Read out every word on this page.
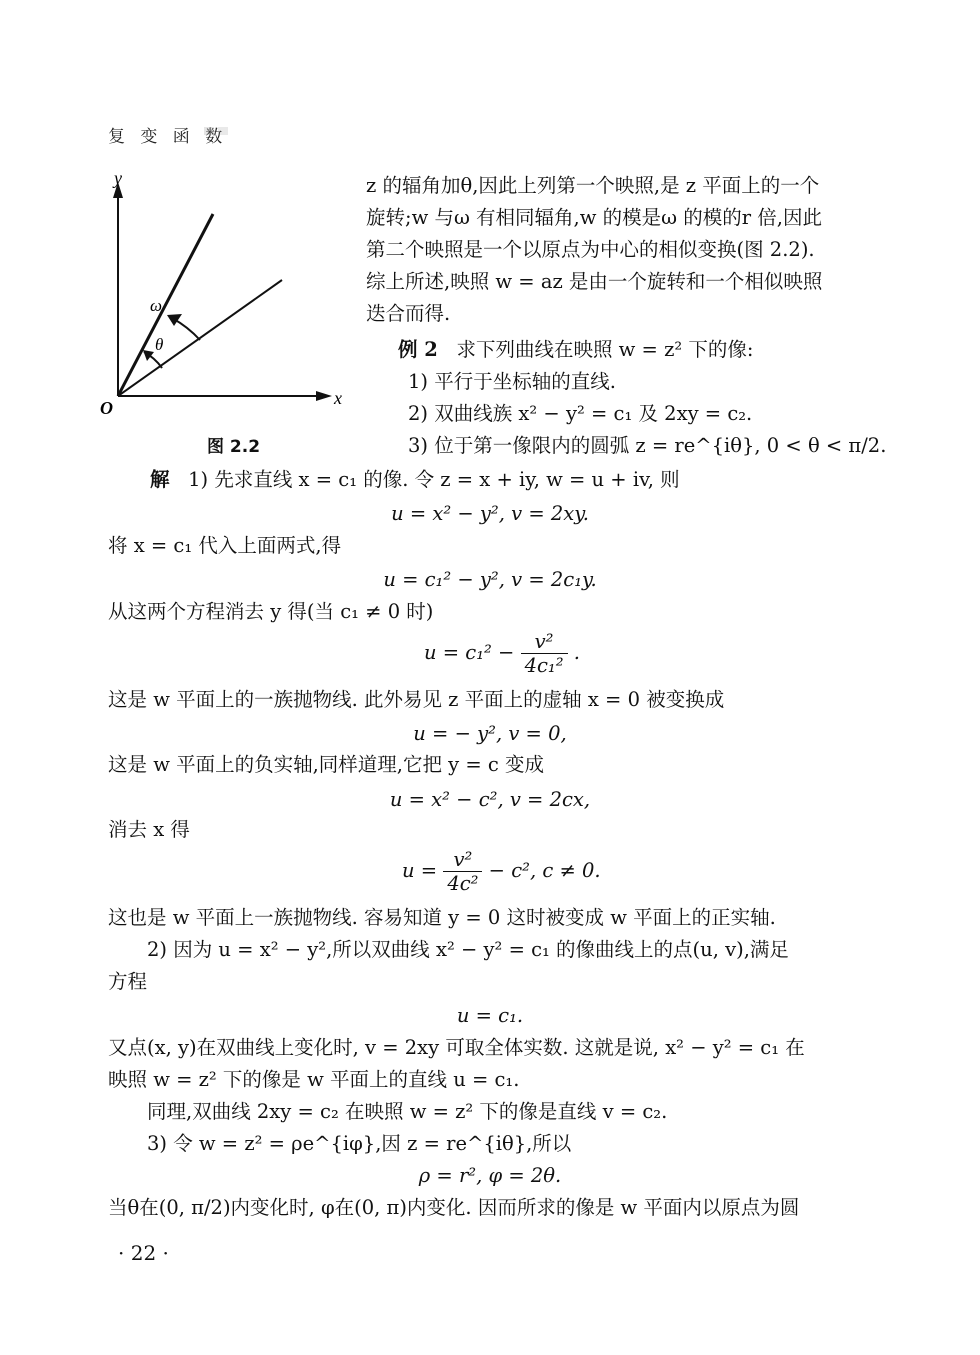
复 变 函 数
y
x
O
θ
ω
图 2.2
z 的辐角加θ,因此上列第一个映照,是 z 平面上的一个
旋转;w 与ω 有相同辐角,w 的模是ω 的模的r 倍,因此
第二个映照是一个以原点为中心的相似变换(图 2.2).
综上所述,映照 w = az 是由一个旋转和一个相似映照
迭合而得.
例 2 求下列曲线在映照 w = z² 下的像:
1) 平行于坐标轴的直线.
2) 双曲线族 x² − y² = c₁ 及 2xy = c₂.
3) 位于第一像限内的圆弧 z = re^{iθ}, 0 < θ < π/2.
解 1) 先求直线 x = c₁ 的像. 令 z = x + iy, w = u + iv, 则
u = x² − y², v = 2xy.
将 x = c₁ 代入上面两式,得
u = c₁² − y², v = 2c₁y.
从这两个方程消去 y 得(当 c₁ ≠ 0 时)
$u = c_1^2 - \frac{\text{v²}}{\text{4c₁²}}$ .
这是 w 平面上的一族抛物线. 此外易见 z 平面上的虚轴 x = 0 被变换成
u = − y², v = 0,
这是 w 平面上的负实轴,同样道理,它把 y = c 变成
u = x² − c², v = 2cx,
消去 x 得
$u = \frac{\text{v²}}{\text{4c²}} - c^2$, c ≠ 0.
这也是 w 平面上一族抛物线. 容易知道 y = 0 这时被变成 w 平面上的正实轴.
2) 因为 u = x² − y²,所以双曲线 x² − y² = c₁ 的像曲线上的点(u, v),满足
方程
u = c₁.
又点(x, y)在双曲线上变化时, v = 2xy 可取全体实数. 这就是说, x² − y² = c₁ 在
映照 w = z² 下的像是 w 平面上的直线 u = c₁.
同理,双曲线 2xy = c₂ 在映照 w = z² 下的像是直线 v = c₂.
3) 令 w = z² = ρe^{iφ},因 z = re^{iθ},所以
ρ = r², φ = 2θ.
当θ在(0, π/2)内变化时, φ在(0, π)内变化. 因而所求的像是 w 平面内以原点为圆
· 22 ·
